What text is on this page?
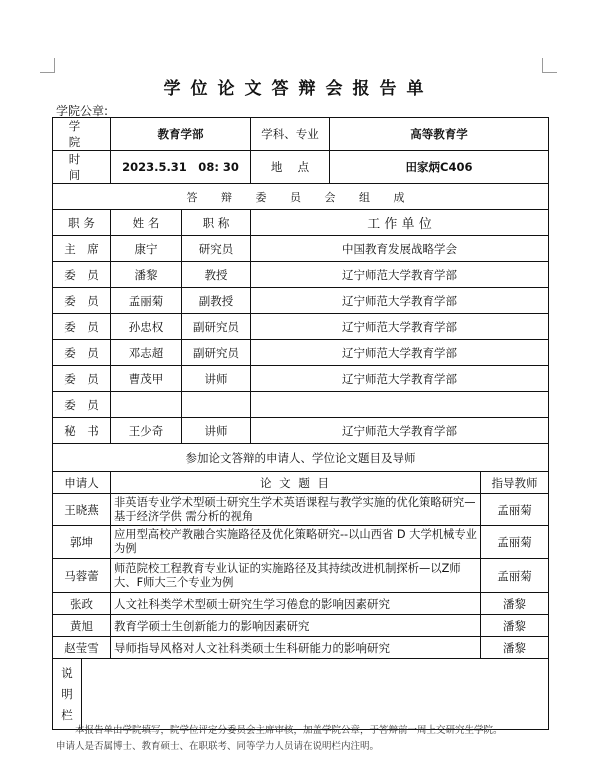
学位论文答辩会报告单
学院公章:
学 院	教育学部		学科、专业	高等教育学	
时 间	2023.5.31　08: 30		地　 点	田家炳C406	
答 辩 委 员 会 组 成					
职 务	姓 名	职 称	工 作 单 位		
主　席	康宁	研究员	中国教育发展战略学会		
委　员	潘黎	教授	辽宁师范大学教育学部		
委　员	孟丽菊	副教授	辽宁师范大学教育学部		
委　员	孙忠权	副研究员	辽宁师范大学教育学部		
委　员	邓志超	副研究员	辽宁师范大学教育学部		
委　员	曹茂甲	讲师	辽宁师范大学教育学部		
委　员					
秘　书	王少奇	讲师	辽宁师范大学教育学部		
参加论文答辩的申请人、学位论文题目及导师					
申请人	论 文 题 目				指导教师
王晓燕	非英语专业学术型硕士研究生学术英语课程与教学实施的优化策略研究—基于经济学供 需分析的视角				孟丽菊
郭坤	应用型高校产教融合实施路径及优化策略研究--以山西省 D 大学机械专业为例				孟丽菊
马蓉蕾	师范院校工程教育专业认证的实施路径及其持续改进机制探析—以Z师大、F师大三个专业为例				孟丽菊
张政	人文社科类学术型硕士研究生学习倦怠的影响因素研究				潘黎
黄旭	教育学硕士生创新能力的影响因素研究				潘黎
赵莹雪	导师指导风格对人文社科类硕士生科研能力的影响研究				潘黎

说
明
栏					

本报告单由学院填写，院学位评定分委员会主席审核，加盖学院公章，于答辩前一周上交研究生学院。

申请人是否属博士、教育硕士、在职联考、同等学力人员请在说明栏内注明。
